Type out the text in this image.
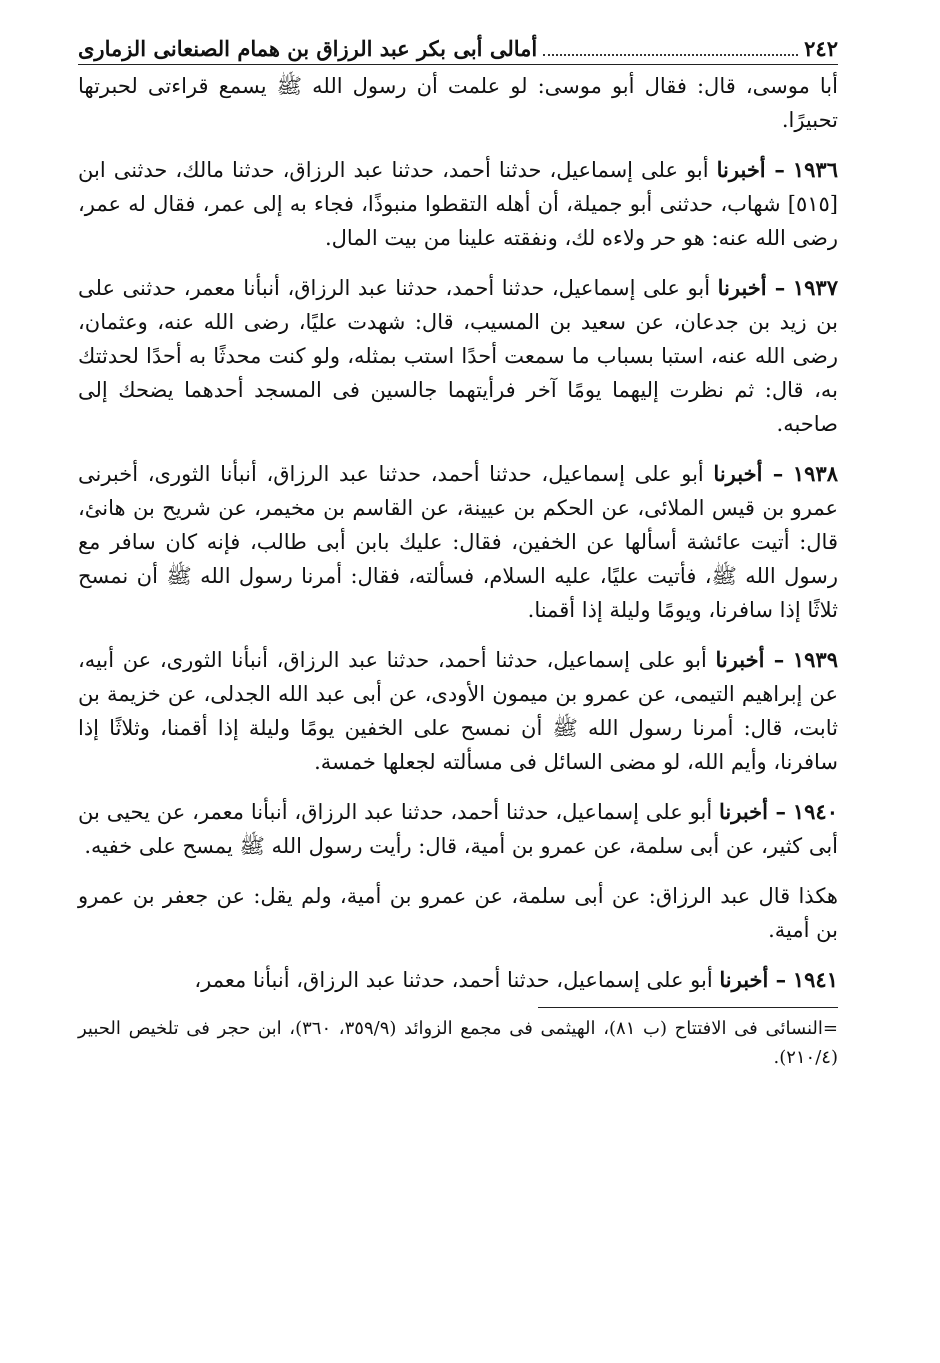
٢٤٢
أمالى أبى بكر عبد الرزاق بن همام الصنعانى الزمارى

أبا موسى، قال: فقال أبو موسى: لو علمت أن رسول الله ﷺ يسمع قراءتى لحبرتها تحبيرًا.

١٩٣٦ – أخبرنا أبو على إسماعيل، حدثنا أحمد، حدثنا عبد الرزاق، حدثنا مالك، حدثنى ابن [٥١٥] شهاب، حدثنى أبو جميلة، أن أهله التقطوا منبوذًا، فجاء به إلى عمر، فقال له عمر، رضى الله عنه: هو حر ولاءه لك، ونفقته علينا من بيت المال.

١٩٣٧ – أخبرنا أبو على إسماعيل، حدثنا أحمد، حدثنا عبد الرزاق، أنبأنا معمر، حدثنى على بن زيد بن جدعان، عن سعيد بن المسيب، قال: شهدت عليًا، رضى الله عنه، وعثمان، رضى الله عنه، استبا بسباب ما سمعت أحدًا استب بمثله، ولو كنت محدثًا به أحدًا لحدثتك به، قال: ثم نظرت إليهما يومًا آخر فرأيتهما جالسين فى المسجد أحدهما يضحك إلى صاحبه.

١٩٣٨ – أخبرنا أبو على إسماعيل، حدثنا أحمد، حدثنا عبد الرزاق، أنبأنا الثورى، أخبرنى عمرو بن قيس الملائى، عن الحكم بن عيينة، عن القاسم بن مخيمر، عن شريح بن هانئ، قال: أتيت عائشة أسألها عن الخفين، فقال: عليك بابن أبى طالب، فإنه كان سافر مع رسول الله ﷺ، فأتيت عليًا، عليه السلام، فسألته، فقال: أمرنا رسول الله ﷺ أن نمسح ثلاثًا إذا سافرنا، ويومًا وليلة إذا أقمنا.

١٩٣٩ – أخبرنا أبو على إسماعيل، حدثنا أحمد، حدثنا عبد الرزاق، أنبأنا الثورى، عن أبيه، عن إبراهيم التيمى، عن عمرو بن ميمون الأودى، عن أبى عبد الله الجدلى، عن خزيمة بن ثابت، قال: أمرنا رسول الله ﷺ أن نمسح على الخفين يومًا وليلة إذا أقمنا، وثلاثًا إذا سافرنا، وأيم الله، لو مضى السائل فى مسألته لجعلها خمسة.

١٩٤٠ – أخبرنا أبو على إسماعيل، حدثنا أحمد، حدثنا عبد الرزاق، أنبأنا معمر، عن يحيى بن أبى كثير، عن أبى سلمة، عن عمرو بن أمية، قال: رأيت رسول الله ﷺ يمسح على خفيه.

هكذا قال عبد الرزاق: عن أبى سلمة، عن عمرو بن أمية، ولم يقل: عن جعفر بن عمرو بن أمية.

١٩٤١ – أخبرنا أبو على إسماعيل، حدثنا أحمد، حدثنا عبد الرزاق، أنبأنا معمر،

=النسائى فى الافتتاح (ب ٨١)، الهيثمى فى مجمع الزوائد (٣٥٩/٩، ٣٦٠)، ابن حجر فى تلخيص الحبير (٢١٠/٤).
